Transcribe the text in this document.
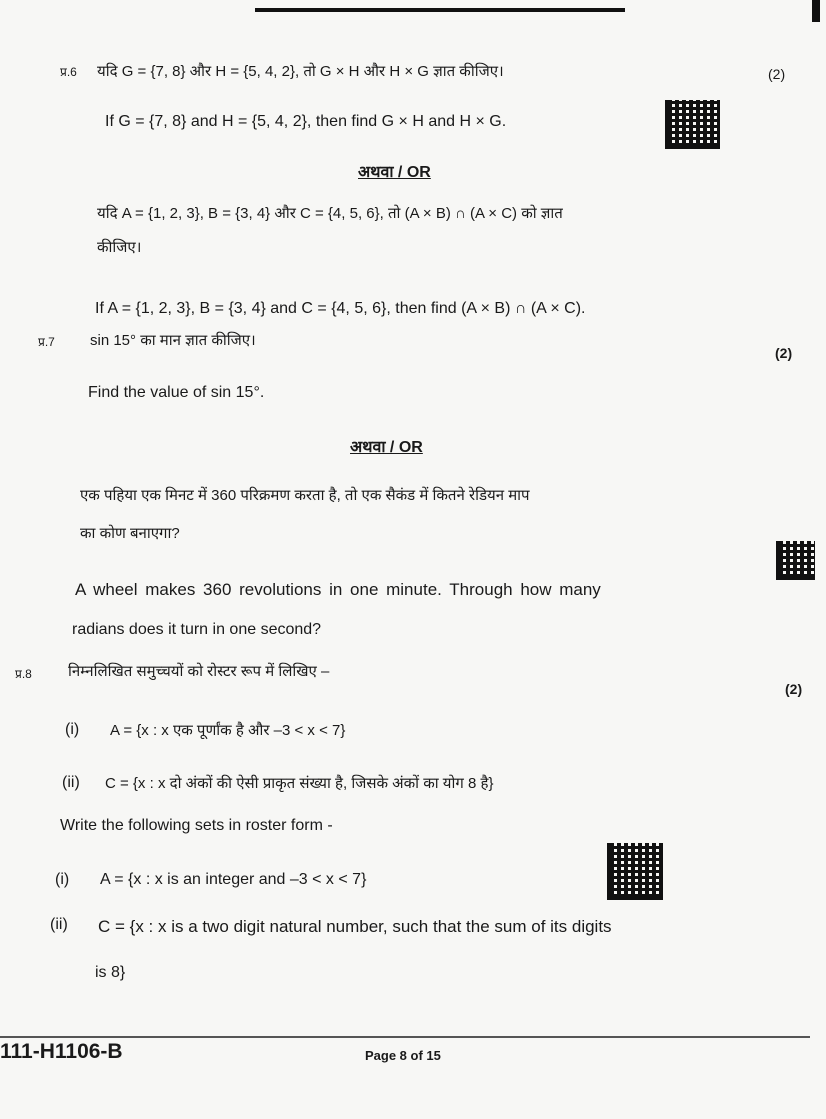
प्र.6 यदि G = {7, 8} और H = {5, 4, 2}, तो G × H और H × G ज्ञात कीजिए।	(2)
If G = {7, 8} and H = {5, 4, 2}, then find G × H and H × G.
अथवा / OR
यदि A = {1, 2, 3}, B = {3, 4} और C = {4, 5, 6}, तो (A × B) ∩ (A × C) को ज्ञात
कीजिए।
If A = {1, 2, 3}, B = {3, 4} and C = {4, 5, 6}, then find (A × B) ∩ (A × C).
प्र.7 sin 15° का मान ज्ञात कीजिए।
(2)
Find the value of sin 15°.
अथवा / OR
एक पहिया एक मिनट में 360 परिक्रमण करता है, तो एक सैकंड में कितने रेडियन माप
का कोण बनाएगा?
A wheel makes 360 revolutions in one minute. Through how many
radians does it turn in one second?
प्र.8 निम्नलिखित समुच्चयों को रोस्टर रूप में लिखिए –
(2)
(i) A = {x : x एक पूर्णांक है और –3 < x < 7}
(ii) C = {x : x दो अंकों की ऐसी प्राकृत संख्या है, जिसके अंकों का योग 8 है}
Write the following sets in roster form -
(i) A = {x : x is an integer and –3 < x < 7}
(ii) C = {x : x is a two digit natural number, such that the sum of its digits
is 8}
111-H1106-B	Page 8 of 15
